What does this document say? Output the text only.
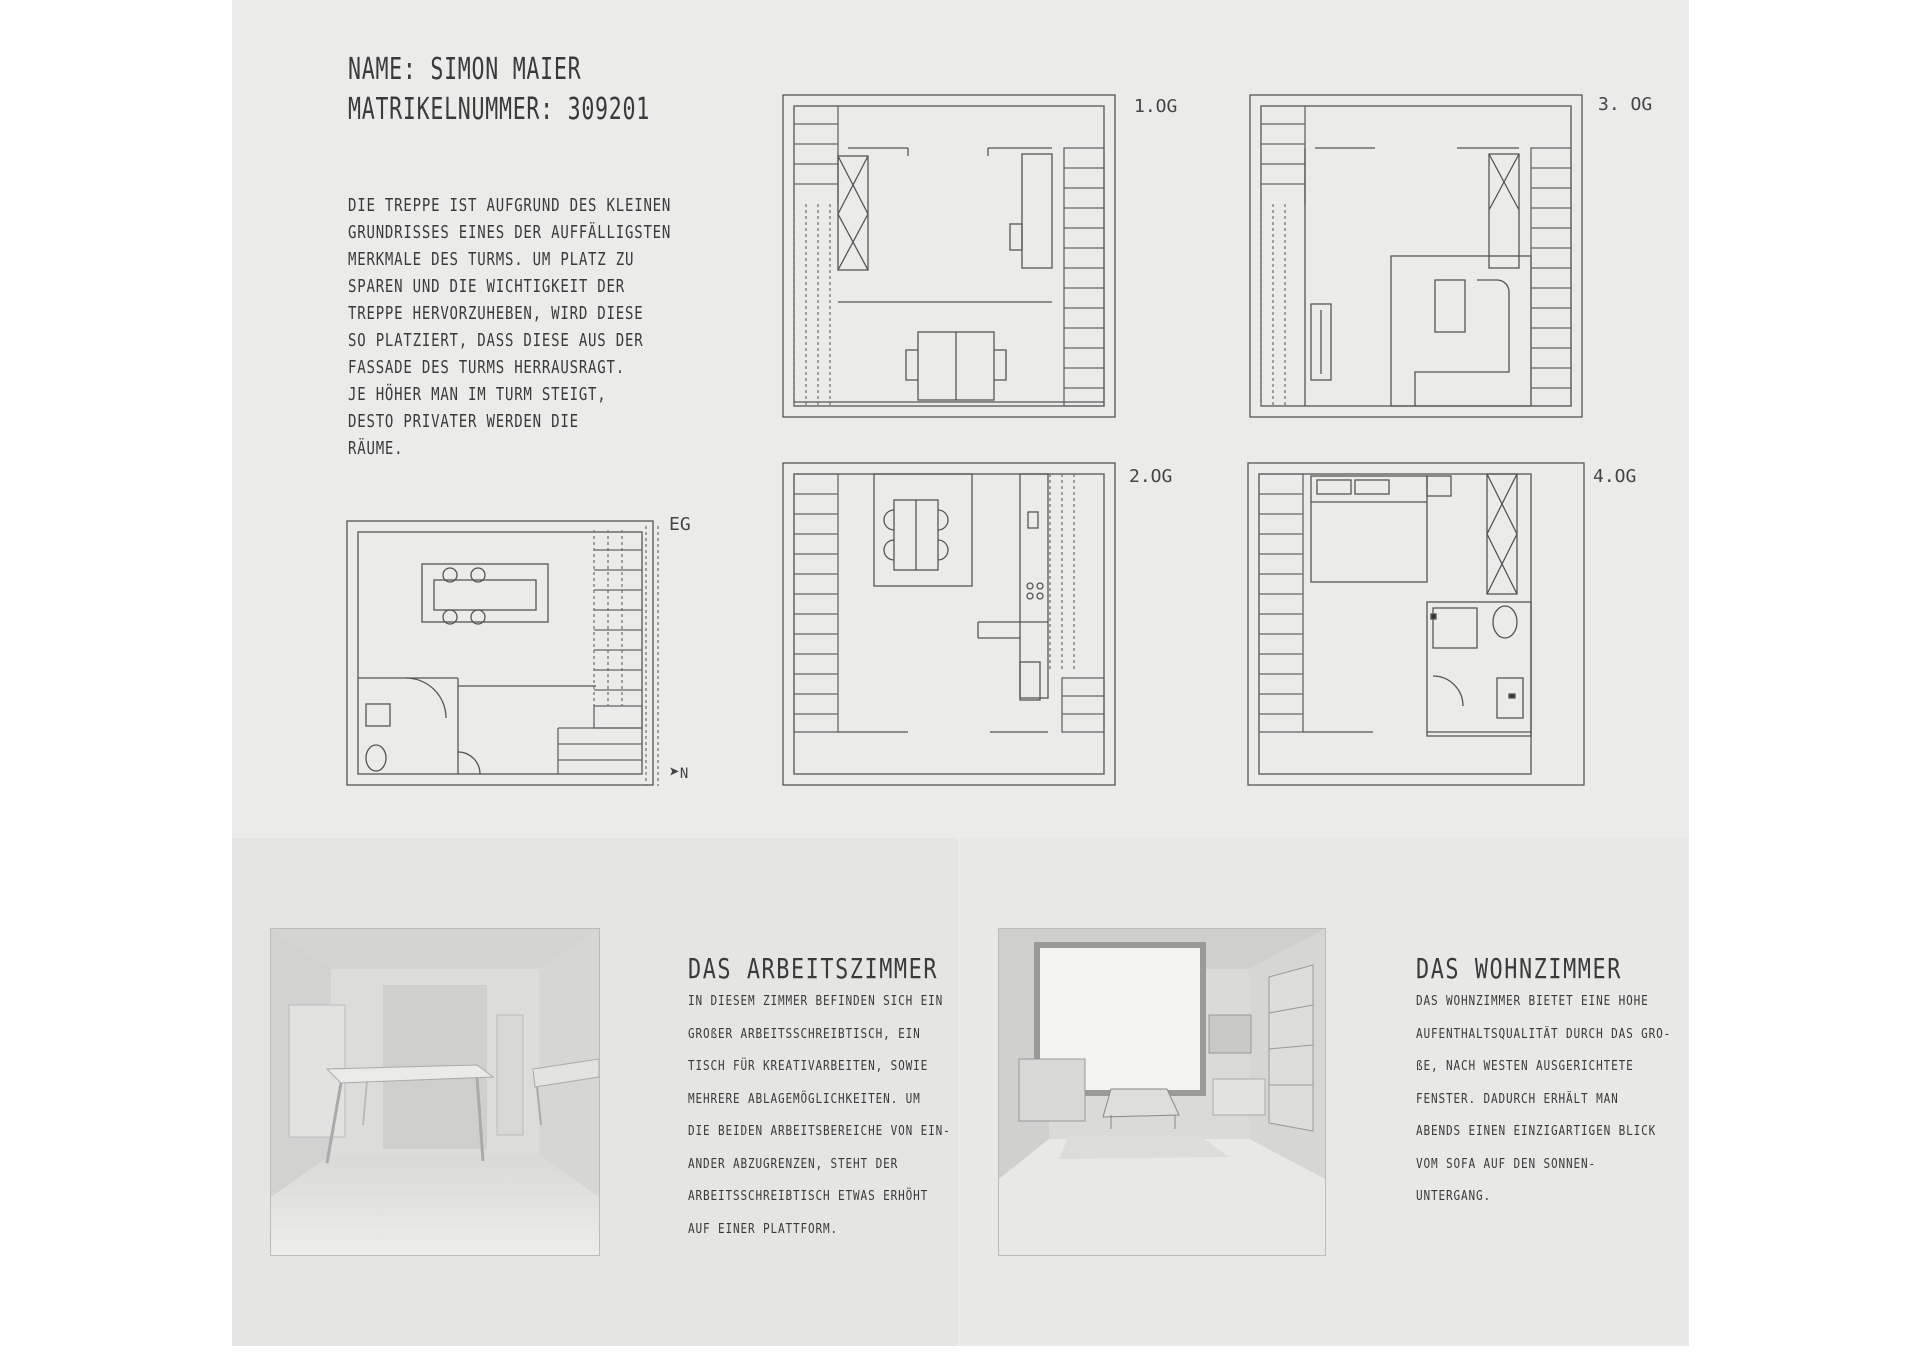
NAME: SIMON MAIER
MATRIKELNUMMER: 309201
DIE TREPPE IST AUFGRUND DES KLEINEN
GRUNDRISSES EINES DER AUFFÄLLIGSTEN
MERKMALE DES TURMS. UM PLATZ ZU
SPAREN UND DIE WICHTIGKEIT DER
TREPPE HERVORZUHEBEN, WIRD DIESE
SO PLATZIERT, DASS DIESE AUS DER
FASSADE DES TURMS HERRAUSRAGT.
JE HÖHER MAN IM TURM STEIGT,
DESTO PRIVATER WERDEN DIE
RÄUME.
EG
➤N
1.OG	3. OG
2.OG	4.OG
DAS ARBEITSZIMMER
IN DIESEM ZIMMER BEFINDEN SICH EIN
GROßER ARBEITSSCHREIBTISCH, EIN
TISCH FÜR KREATIVARBEITEN, SOWIE
MEHRERE ABLAGEMÖGLICHKEITEN. UM
DIE BEIDEN ARBEITSBEREICHE VON EIN-
ANDER ABZUGRENZEN, STEHT DER
ARBEITSSCHREIBTISCH ETWAS ERHÖHT
AUF EINER PLATTFORM.
DAS WOHNZIMMER
DAS WOHNZIMMER BIETET EINE HOHE
AUFENTHALTSQUALITÄT DURCH DAS GRO-
ßE, NACH WESTEN AUSGERICHTETE
FENSTER. DADURCH ERHÄLT MAN
ABENDS EINEN EINZIGARTIGEN BLICK
VOM SOFA AUF DEN SONNEN-
UNTERGANG.
